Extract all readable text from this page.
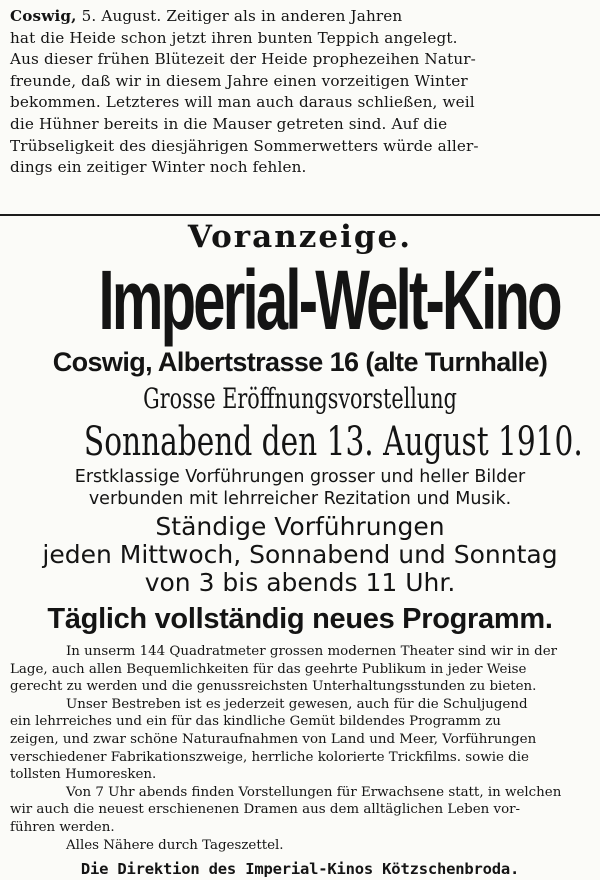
Coswig, 5. August. Zeitiger als in anderen Jahren
hat die Heide schon jetzt ihren bunten Teppich angelegt.
Aus dieser frühen Blütezeit der Heide prophezeihen Natur-
freunde, daß wir in diesem Jahre einen vorzeitigen Winter
bekommen. Letzteres will man auch daraus schließen, weil
die Hühner bereits in die Mauser getreten sind. Auf die
Trübseligkeit des diesjährigen Sommerwetters würde aller-
dings ein zeitiger Winter noch fehlen.

Voranzeige.
Imperial-Welt-Kino
Coswig, Albertstrasse 16 (alte Turnhalle)
Grosse Eröffnungsvorstellung
Sonnabend den 13. August 1910.
Erstklassige Vorführungen grosser und heller Bilder
verbunden mit lehrreicher Rezitation und Musik.
Ständige Vorführungen
jeden Mittwoch, Sonnabend und Sonntag
von 3 bis abends 11 Uhr.
Täglich vollständig neues Programm.

In unserm 144 Quadratmeter grossen modernen Theater sind wir in der
Lage, auch allen Bequemlichkeiten für das geehrte Publikum in jeder Weise
gerecht zu werden und die genussreichsten Unterhaltungsstunden zu bieten.

Unser Bestreben ist es jederzeit gewesen, auch für die Schuljugend
ein lehrreiches und ein für das kindliche Gemüt bildendes Programm zu
zeigen, und zwar schöne Naturaufnahmen von Land und Meer, Vorführungen
verschiedener Fabrikationszweige, herrliche kolorierte Trickfilms. sowie die
tollsten Humoresken.

Von 7 Uhr abends finden Vorstellungen für Erwachsene statt, in welchen
wir auch die neuest erschienenen Dramen aus dem alltäglichen Leben vor-
führen werden.

Alles Nähere durch Tageszettel.

Die Direktion des Imperial-Kinos Kötzschenbroda.
